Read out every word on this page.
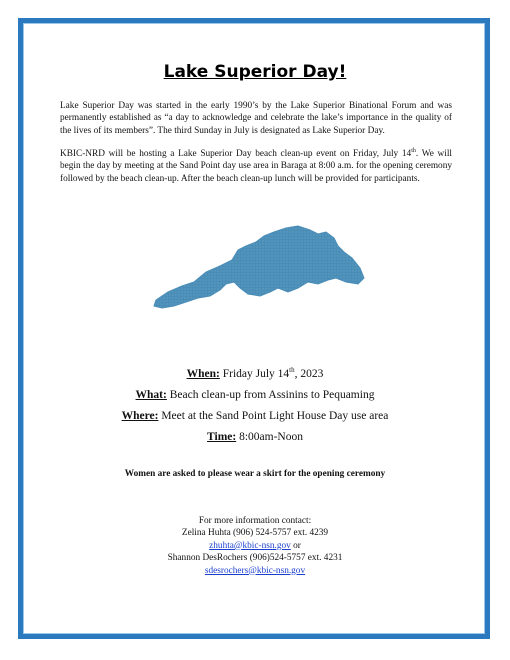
Lake Superior Day!
Lake Superior Day was started in the early 1990’s by the Lake Superior Binational Forum and was permanently established as “a day to acknowledge and celebrate the lake’s importance in the quality of the lives of its members”. The third Sunday in July is designated as Lake Superior Day.
KBIC-NRD will be hosting a Lake Superior Day beach clean-up event on Friday, July 14th. We will begin the day by meeting at the Sand Point day use area in Baraga at 8:00 a.m. for the opening ceremony followed by the beach clean-up. After the beach clean-up lunch will be provided for participants.
When: Friday July 14th, 2023
What: Beach clean-up from Assinins to Pequaming
Where: Meet at the Sand Point Light House Day use area
Time: 8:00am-Noon
Women are asked to please wear a skirt for the opening ceremony
For more information contact:
Zelina Huhta (906) 524-5757 ext. 4239
zhuhta@kbic-nsn.gov or
Shannon DesRochers (906)524-5757 ext. 4231
sdesrochers@kbic-nsn.gov
